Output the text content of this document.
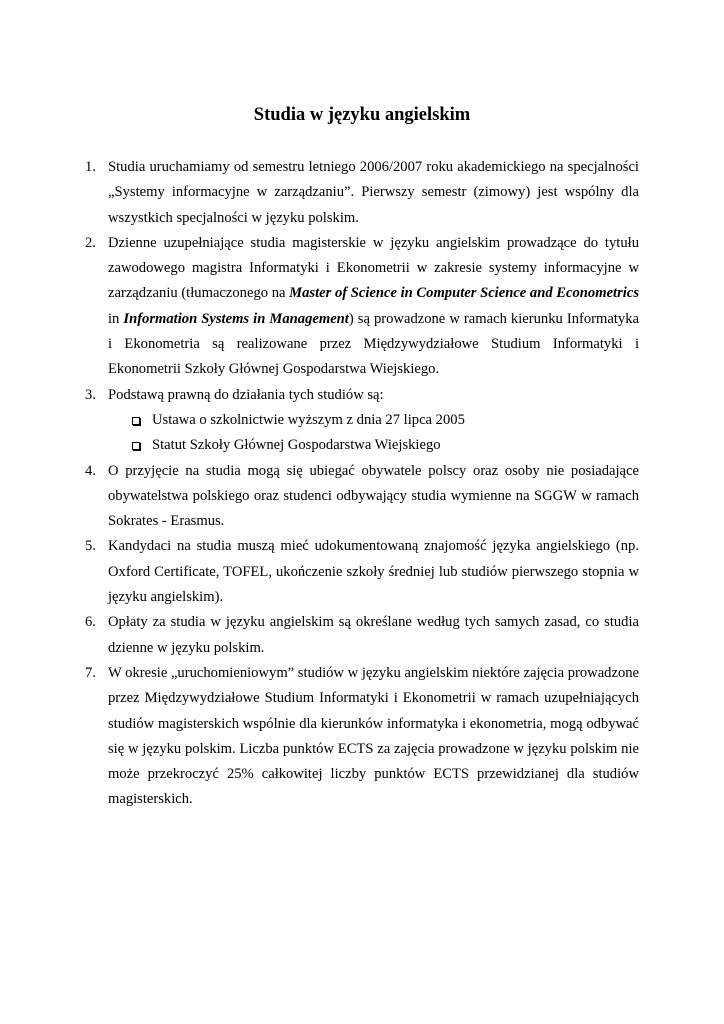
Studia w języku angielskim
1. Studia uruchamiamy od semestru letniego 2006/2007 roku akademickiego na specjalności „Systemy informacyjne w zarządzaniu”. Pierwszy semestr (zimowy) jest wspólny dla wszystkich specjalności w języku polskim.
2. Dzienne uzupełniające studia magisterskie w języku angielskim prowadzące do tytułu zawodowego magistra Informatyki i Ekonometrii w zakresie systemy informacyjne w zarządzaniu (tłumaczonego na Master of Science in Computer Science and Econometrics in Information Systems in Management) są prowadzone w ramach kierunku Informatyka i Ekonometria są realizowane przez Międzywydziałowe Studium Informatyki i Ekonometrii Szkoły Głównej Gospodarstwa Wiejskiego.
3. Podstawą prawną do działania tych studiów są:
Ustawa o szkolnictwie wyższym z dnia 27 lipca 2005
Statut Szkoły Głównej Gospodarstwa Wiejskiego
4. O przyjęcie na studia mogą się ubiegać obywatele polscy oraz osoby nie posiadające obywatelstwa polskiego oraz studenci odbywający studia wymienne na SGGW w ramach Sokrates - Erasmus.
5. Kandydaci na studia muszą mieć udokumentowaną znajomość języka angielskiego (np. Oxford Certificate, TOFEL, ukończenie szkoły średniej lub studiów pierwszego stopnia w języku angielskim).
6. Opłaty za studia w języku angielskim są określane według tych samych zasad, co studia dzienne w języku polskim.
7. W okresie „uruchomieniowym” studiów w języku angielskim niektóre zajęcia prowadzone przez Międzywydziałowe Studium Informatyki i Ekonometrii w ramach uzupełniających studiów magisterskich wspólnie dla kierunków informatyka i ekonometria, mogą odbywać się w języku polskim. Liczba punktów ECTS za zajęcia prowadzone w języku polskim nie może przekroczyć 25% całkowitej liczby punktów ECTS przewidzianej dla studiów magisterskich.
